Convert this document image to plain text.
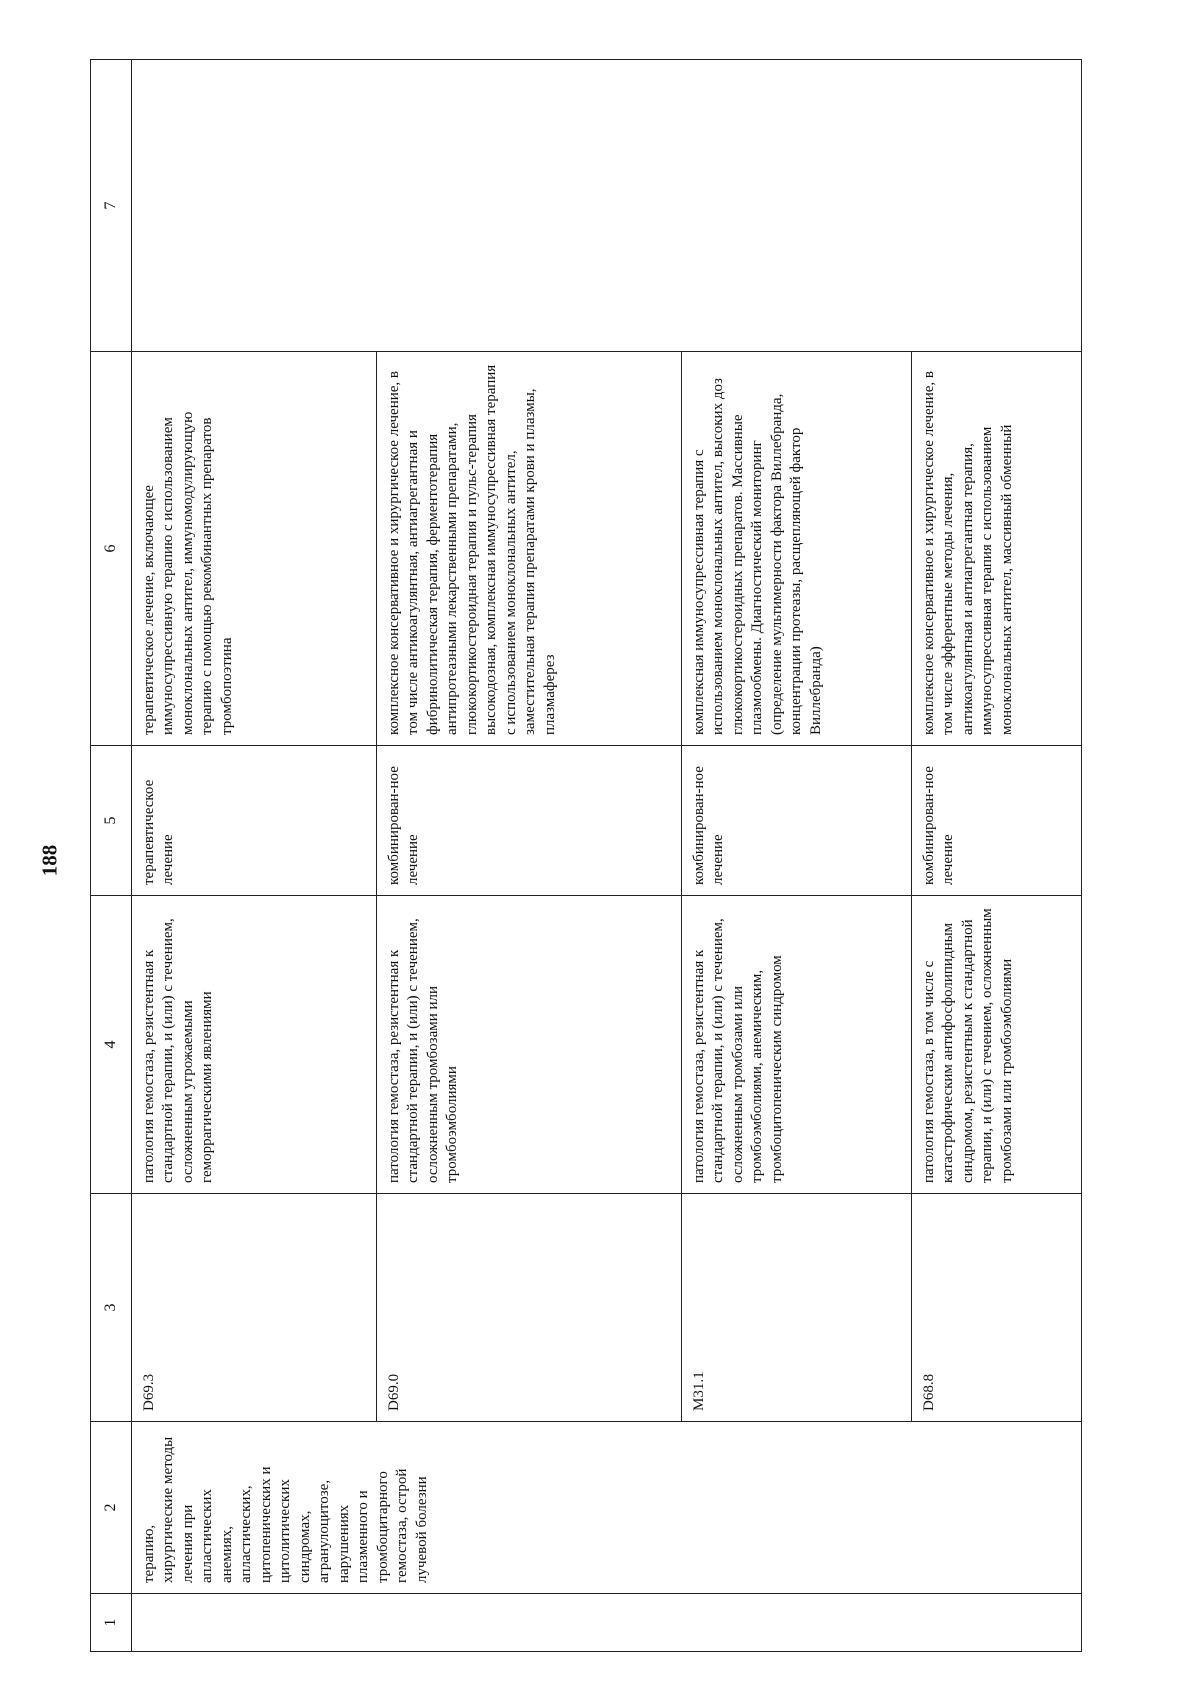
188
1	2	3	4	5	6	7
	терапию, хирургические методы лечения при апластических анемиях, апластических, цитопенических и цитолитических синдромах, агранулоцитозе, нарушениях плазменного и тромбоцитарного гемостаза, острой лучевой болезни	D69.3	патология гемостаза, резистентная к стандартной терапии, и (или) с течением, осложненным угрожаемыми геморрагическими явлениями	терапевтическое лечение	терапевтическое лечение, включающее иммуносупрессивную терапию с использованием моноклональных антител, иммуномодулирующую терапию с помощью рекомбинантных препаратов тромбопоэтина	
		D69.0	патология гемостаза, резистентная к стандартной терапии, и (или) с течением, осложненным тромбозами или тромбоэмболиями	комбинирован-ное лечение	комплексное консервативное и хирургическое лечение, в том числе антикоагулянтная, антиагрегантная и фибринолитическая терапия, ферментотерапия антипротеазными лекарственными препаратами, глюкокортикостероидная терапия и пульс-терапия высокодозная, комплексная иммуносупрессивная терапия с использованием моноклональных антител, заместительная терапия препаратами крови и плазмы, плазмаферез	
		M31.1	патология гемостаза, резистентная к стандартной терапии, и (или) с течением, осложненным тромбозами или тромбоэмболиями, анемическим, тромбоцитопеническим синдромом	комбинирован-ное лечение	комплексная иммуносупрессивная терапия с использованием моноклональных антител, высоких доз глюкокортикостероидных препаратов. Массивные плазмообмены. Диагностический мониторинг (определение мультимерности фактора Виллебранда, концентрации протеазы, расщепляющей фактор Виллебранда)	
		D68.8	патология гемостаза, в том числе с катастрофическим антифосфолипидным синдромом, резистентным к стандартной терапии, и (или) с течением, осложненным тромбозами или тромбоэмболиями	комбинирован-ное лечение	комплексное консервативное и хирургическое лечение, в том числе эфферентные методы лечения, антикоагулянтная и антиагрегантная терапия, иммуносупрессивная терапия с использованием моноклональных антител, массивный обменный	
